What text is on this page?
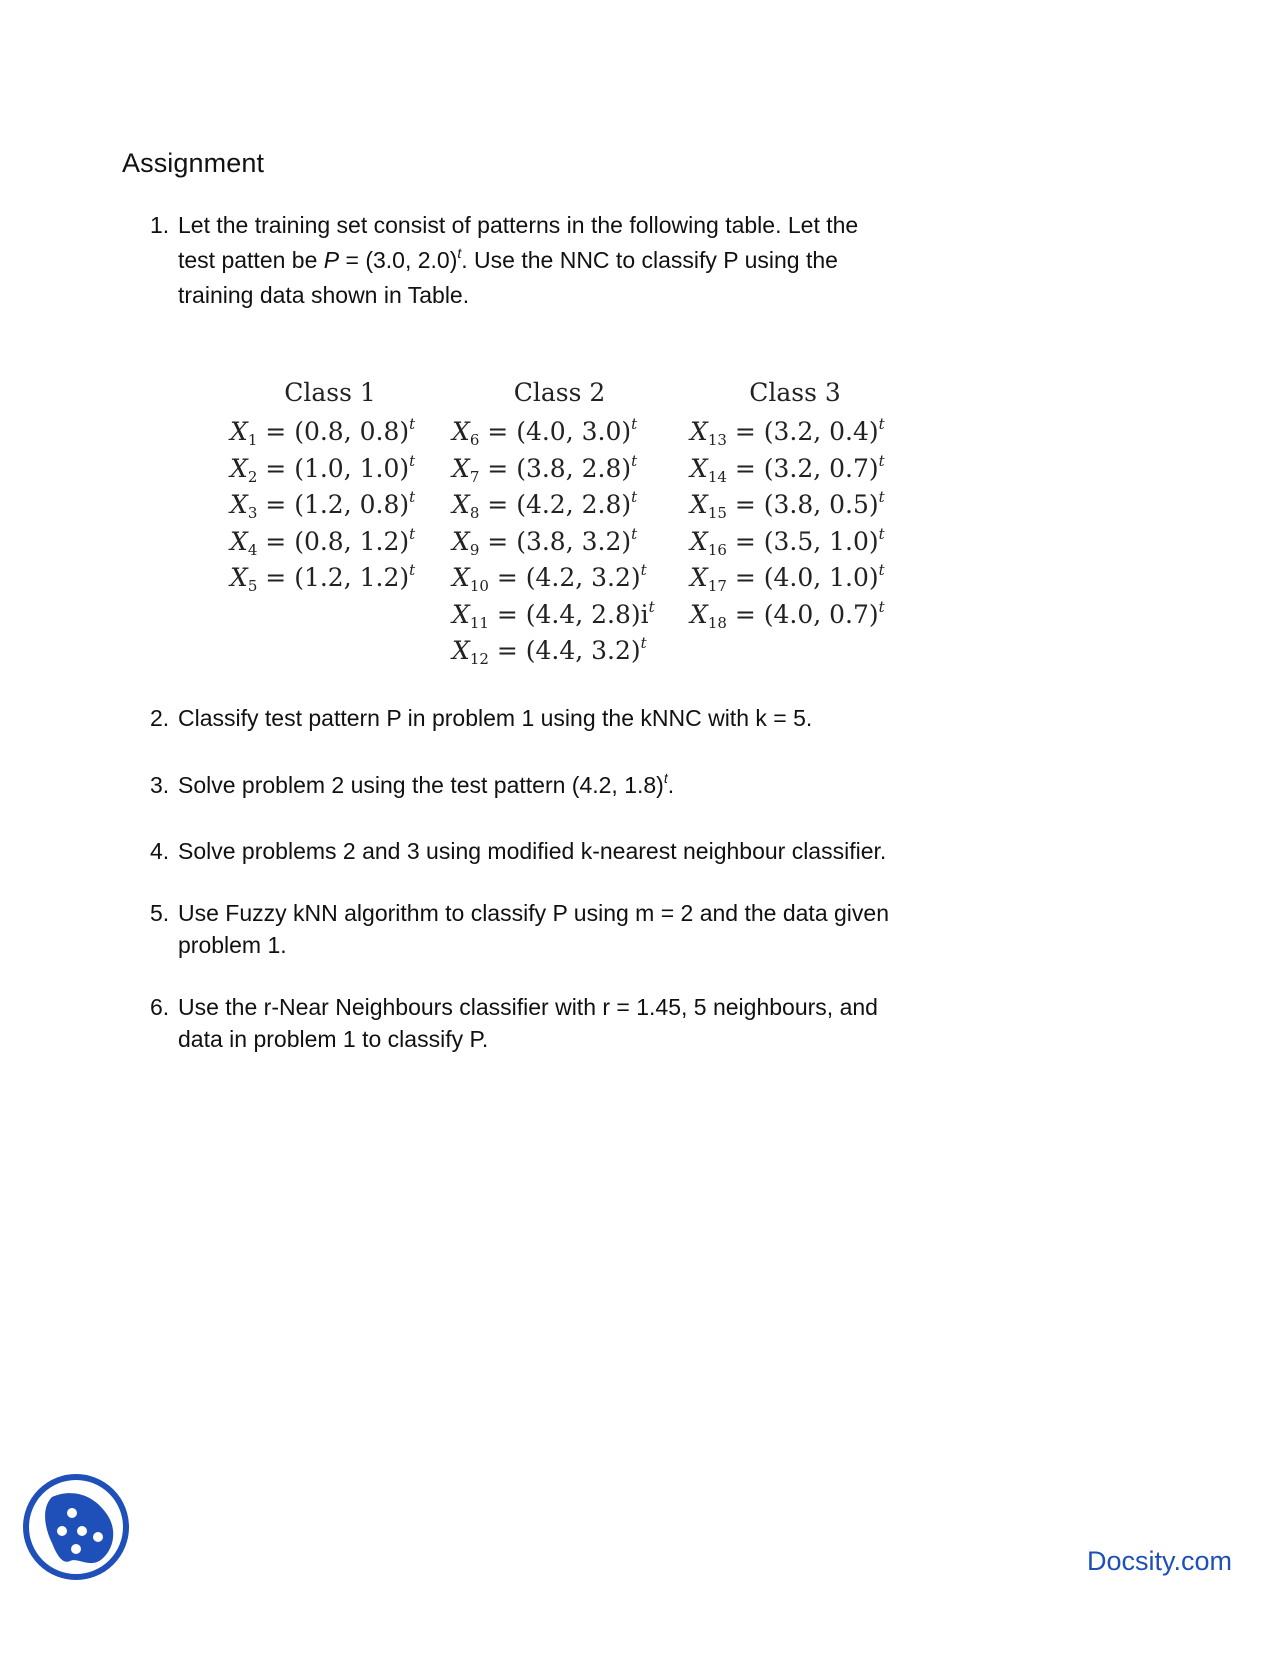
Assignment
1. Let the training set consist of patterns in the following table. Let the
test patten be P = (3.0, 2.0)$^t$. Use the NNC to classify P using the
training data shown in Table.
Class 1
$X_1 = (0.8$, 0.8)$^t$
$X_2 = (1.0$, 1.0)$^t$
$X_3 = (1.2$, 0.8)$^t$
$X_4 = (0.8$, 1.2)$^t$
$X_5 = (1.2$, 1.2)$^t$
Class 2
$X_6 = (4.0$, 3.0)$^t$
$X_7 = (3.8$, 2.8)$^t$
$X_8 = (4.2$, 2.8)$^t$
$X_9 = (3.8$, 3.2)$^t$
$X_{10} = (4.2$, 3.2)$^t$
$X_{11} = (4.4$, $2.8)i^t$
$X_{12} = (4.4$, 3.2)$^t$
Class 3
$X_{13} = (3.2$, 0.4)$^t$
$X_{14} = (3.2$, 0.7)$^t$
$X_{15} = (3.8$, 0.5)$^t$
$X_{16} = (3.5$, 1.0)$^t$
$X_{17} = (4.0$, 1.0)$^t$
$X_{18} = (4.0$, 0.7)$^t$
2. Classify test pattern P in problem 1 using the kNNC with k = 5.
3. Solve problem 2 using the test pattern (4.2, 1.8)$^t$.
4. Solve problems 2 and 3 using modified k-nearest neighbour classifier.
5. Use Fuzzy kNN algorithm to classify P using m = 2 and the data given
problem 1.
6. Use the r-Near Neighbours classifier with r = 1.45, 5 neighbours, and
data in problem 1 to classify P.
Docsity.com
